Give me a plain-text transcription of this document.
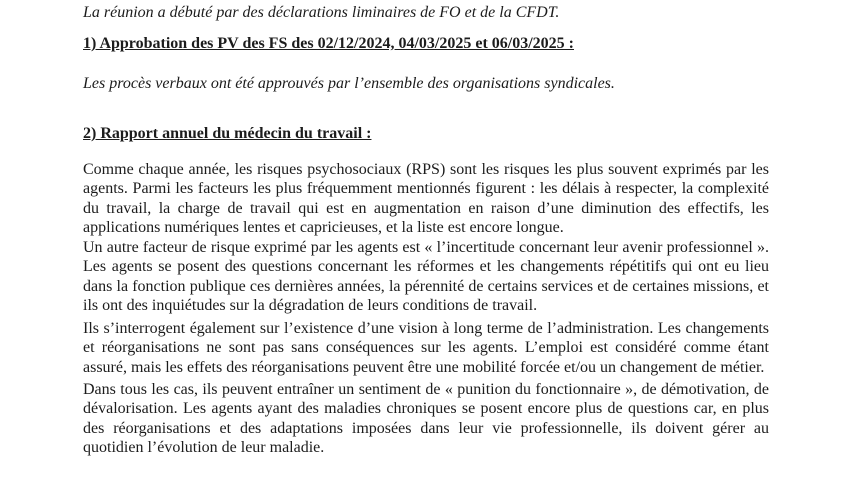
La réunion a débuté par des déclarations liminaires de FO et de la CFDT.

1) Approbation des PV des FS des 02/12/2024, 04/03/2025 et 06/03/2025 :

Les procès verbaux ont été approuvés par l’ensemble des organisations syndicales.

2) Rapport annuel du médecin du travail :

Comme chaque année, les risques psychosociaux (RPS) sont les risques les plus souvent exprimés par les agents. Parmi les facteurs les plus fréquemment mentionnés figurent : les délais à respecter, la complexité du travail, la charge de travail qui est en augmentation en raison d’une diminution des effectifs, les applications numériques lentes et capricieuses, et la liste est encore longue.

Un autre facteur de risque exprimé par les agents est « l’incertitude concernant leur avenir professionnel ». Les agents se posent des questions concernant les réformes et les changements répétitifs qui ont eu lieu dans la fonction publique ces dernières années, la pérennité de certains services et de certaines missions, et ils ont des inquiétudes sur la dégradation de leurs conditions de travail.

Ils s’interrogent également sur l’existence d’une vision à long terme de l’administration. Les changements et réorganisations ne sont pas sans conséquences sur les agents. L’emploi est considéré comme étant assuré, mais les effets des réorganisations peuvent être une mobilité forcée et/ou un changement de métier.

Dans tous les cas, ils peuvent entraîner un sentiment de « punition du fonctionnaire », de démotivation, de dévalorisation. Les agents ayant des maladies chroniques se posent encore plus de questions car, en plus des réorganisations et des adaptations imposées dans leur vie professionnelle, ils doivent gérer au quotidien l’évolution de leur maladie.
